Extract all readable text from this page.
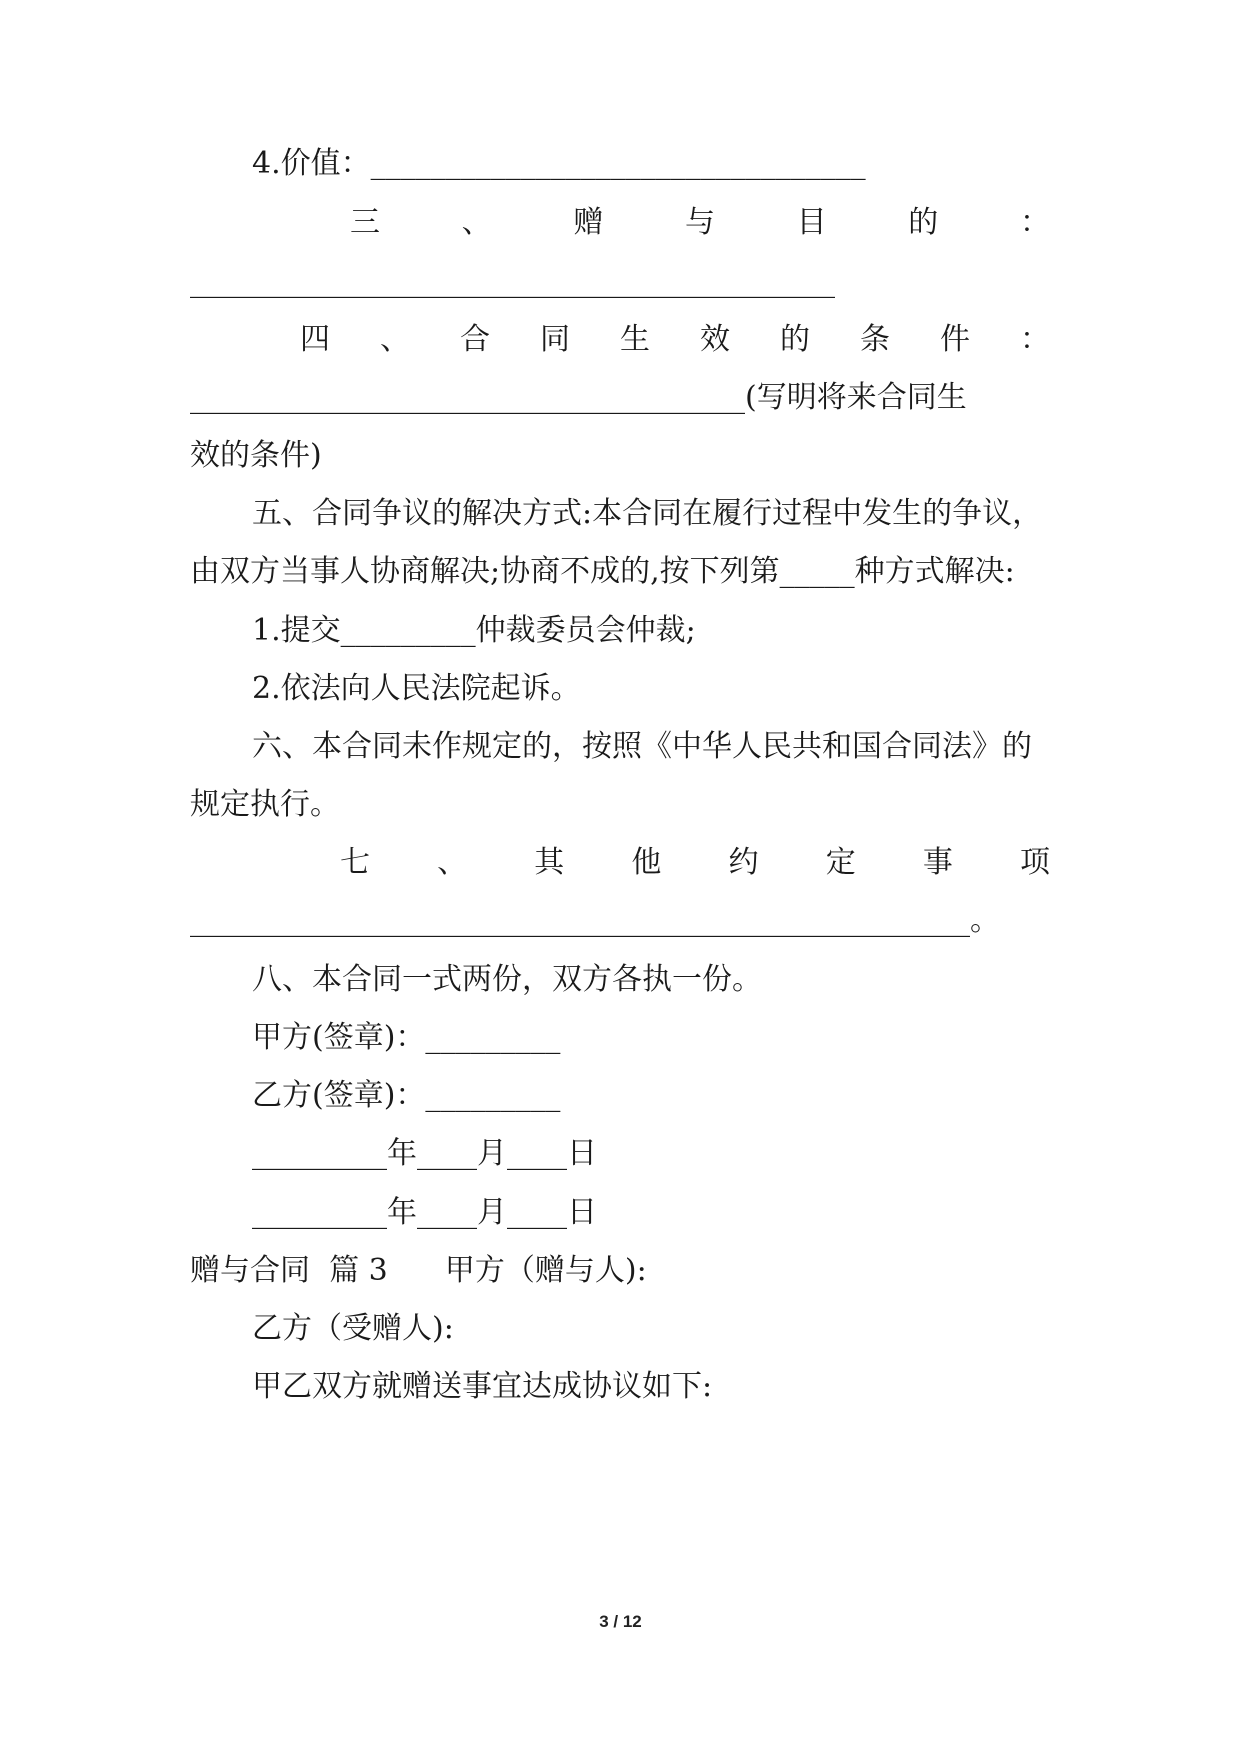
4.价值：_________________________________
三	、	赠	与	目	的	：
___________________________________________
四 、 合 同 生 效 的 条 件 ：
_____________________________________(写明将来合同生
效的条件)
五、合同争议的解决方式:本合同在履行过程中发生的争议，
由双方当事人协商解决;协商不成的,按下列第_____种方式解决:
1.提交_________仲裁委员会仲裁;
2.依法向人民法院起诉。
六、本合同未作规定的，按照《中华人民共和国合同法》的
规定执行。
七 、 其 他 约 定 事 项
____________________________________________________。
八、本合同一式两份，双方各执一份。
甲方(签章)：_________
乙方(签章)：_________
_________年____月____日
_________年____月____日
赠与合同  篇 3      甲方（赠与人):
乙方（受赠人):
甲乙双方就赠送事宜达成协议如下:
3 / 12
